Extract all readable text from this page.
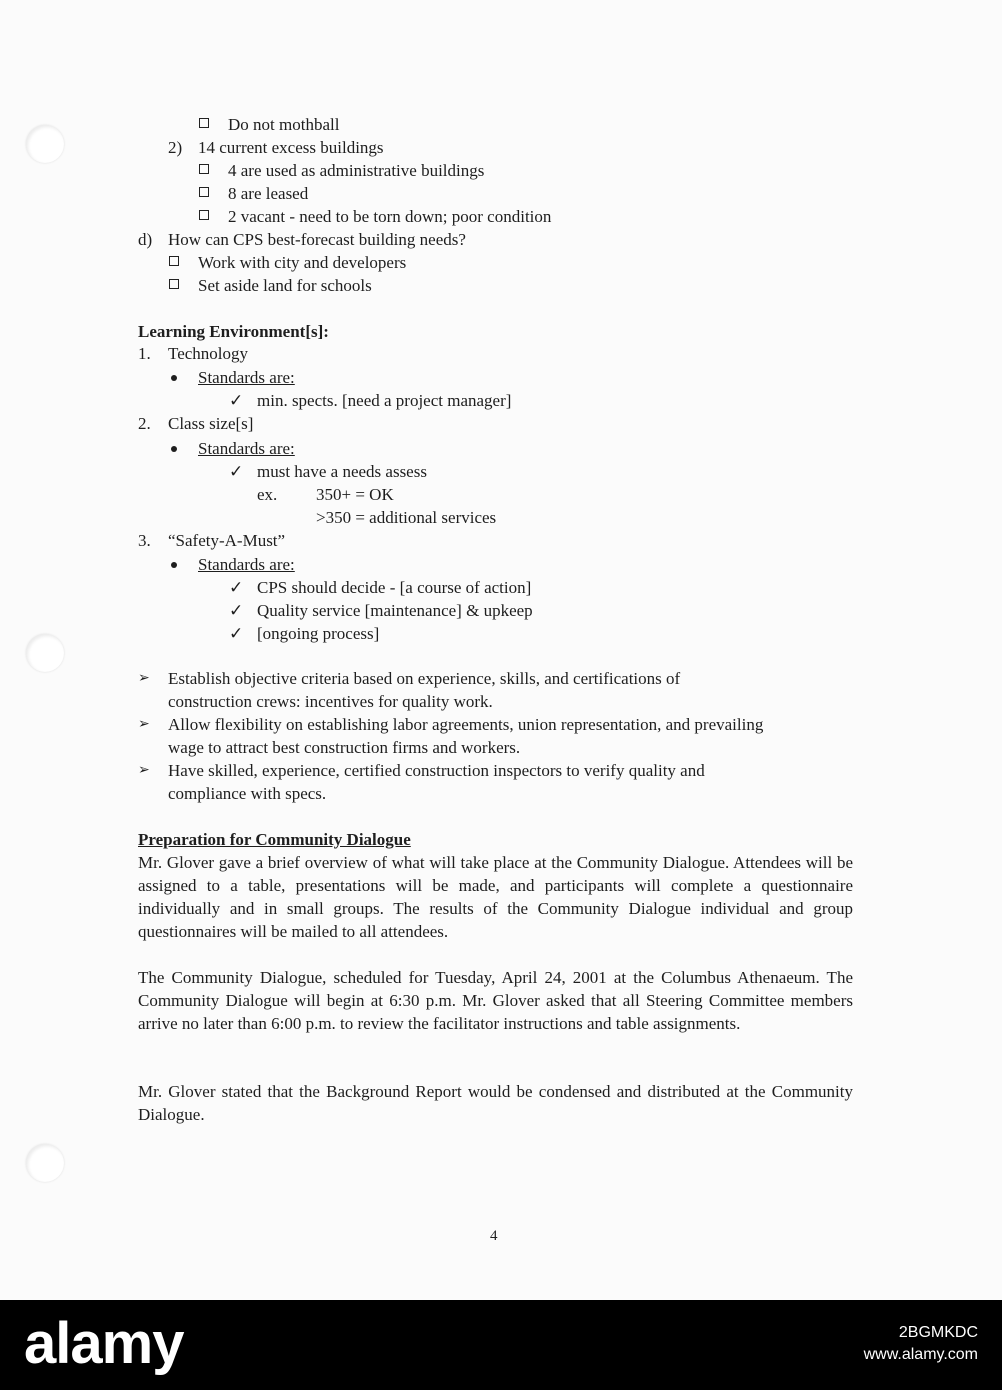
Do not mothball
2) 14 current excess buildings
4 are used as administrative buildings
8 are leased
2 vacant - need to be torn down; poor condition
d) How can CPS best-forecast building needs?
Work with city and developers
Set aside land for schools
Learning Environment[s]:
1. Technology
Standards are:
✓ min. spects. [need a project manager]
2. Class size[s]
Standards are:
✓ must have a needs assess
ex. 350+ = OK
>350 = additional services
3. “Safety-A-Must”
Standards are:
✓ CPS should decide - [a course of action]
✓ Quality service [maintenance] & upkeep
✓ [ongoing process]
➢ Establish objective criteria based on experience, skills, and certifications of
construction crews: incentives for quality work.
➢ Allow flexibility on establishing labor agreements, union representation, and prevailing
wage to attract best construction firms and workers.
➢ Have skilled, experience, certified construction inspectors to verify quality and
compliance with specs.
Preparation for Community Dialogue
Mr. Glover gave a brief overview of what will take place at the Community Dialogue. Attendees will be assigned to a table, presentations will be made, and participants will complete a questionnaire individually and in small groups. The results of the Community Dialogue individual and group questionnaires will be mailed to all attendees.
The Community Dialogue, scheduled for Tuesday, April 24, 2001 at the Columbus Athenaeum. The Community Dialogue will begin at 6:30 p.m. Mr. Glover asked that all Steering Committee members arrive no later than 6:00 p.m. to review the facilitator instructions and table assignments.
Mr. Glover stated that the Background Report would be condensed and distributed at the Community Dialogue.
4
alamy	2BGMKDC
www.alamy.com
